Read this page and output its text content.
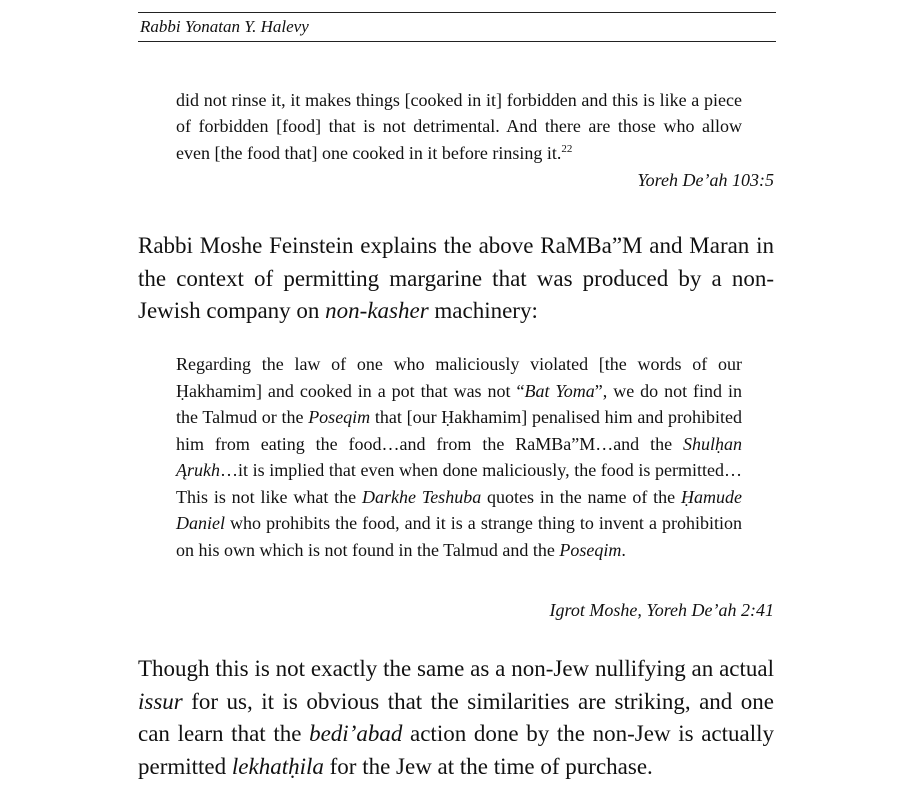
Rabbi Yonatan Y. Halevy
did not rinse it, it makes things [cooked in it] forbidden and this is like a piece of forbidden [food] that is not detrimental. And there are those who allow even [the food that] one cooked in it before rinsing it.$^{22}$
Yoreh De’ah 103:5
Rabbi Moshe Feinstein explains the above RaMBa”M and Maran in the context of permitting margarine that was produced by a non-Jewish company on non-kasher machinery:
Regarding the law of one who maliciously violated [the words of our Ḥakhamim] and cooked in a pot that was not “Bat Yoma”, we do not find in the Talmud or the Poseqim that [our Ḥakhamim] penalised him and prohibited him from eating the food…and from the RaMBa”M…and the Shulḥan Ąrukh…it is implied that even when done maliciously, the food is permitted…This is not like what the Darkhe Teshuba quotes in the name of the Ḥamude Daniel who prohibits the food, and it is a strange thing to invent a prohibition on his own which is not found in the Talmud and the Poseqim.
Igrot Moshe, Yoreh De’ah 2:41
Though this is not exactly the same as a non-Jew nullifying an actual issur for us, it is obvious that the similarities are striking, and one can learn that the bedi’abad action done by the non-Jew is actually permitted lekhatḥila for the Jew at the time of purchase.
